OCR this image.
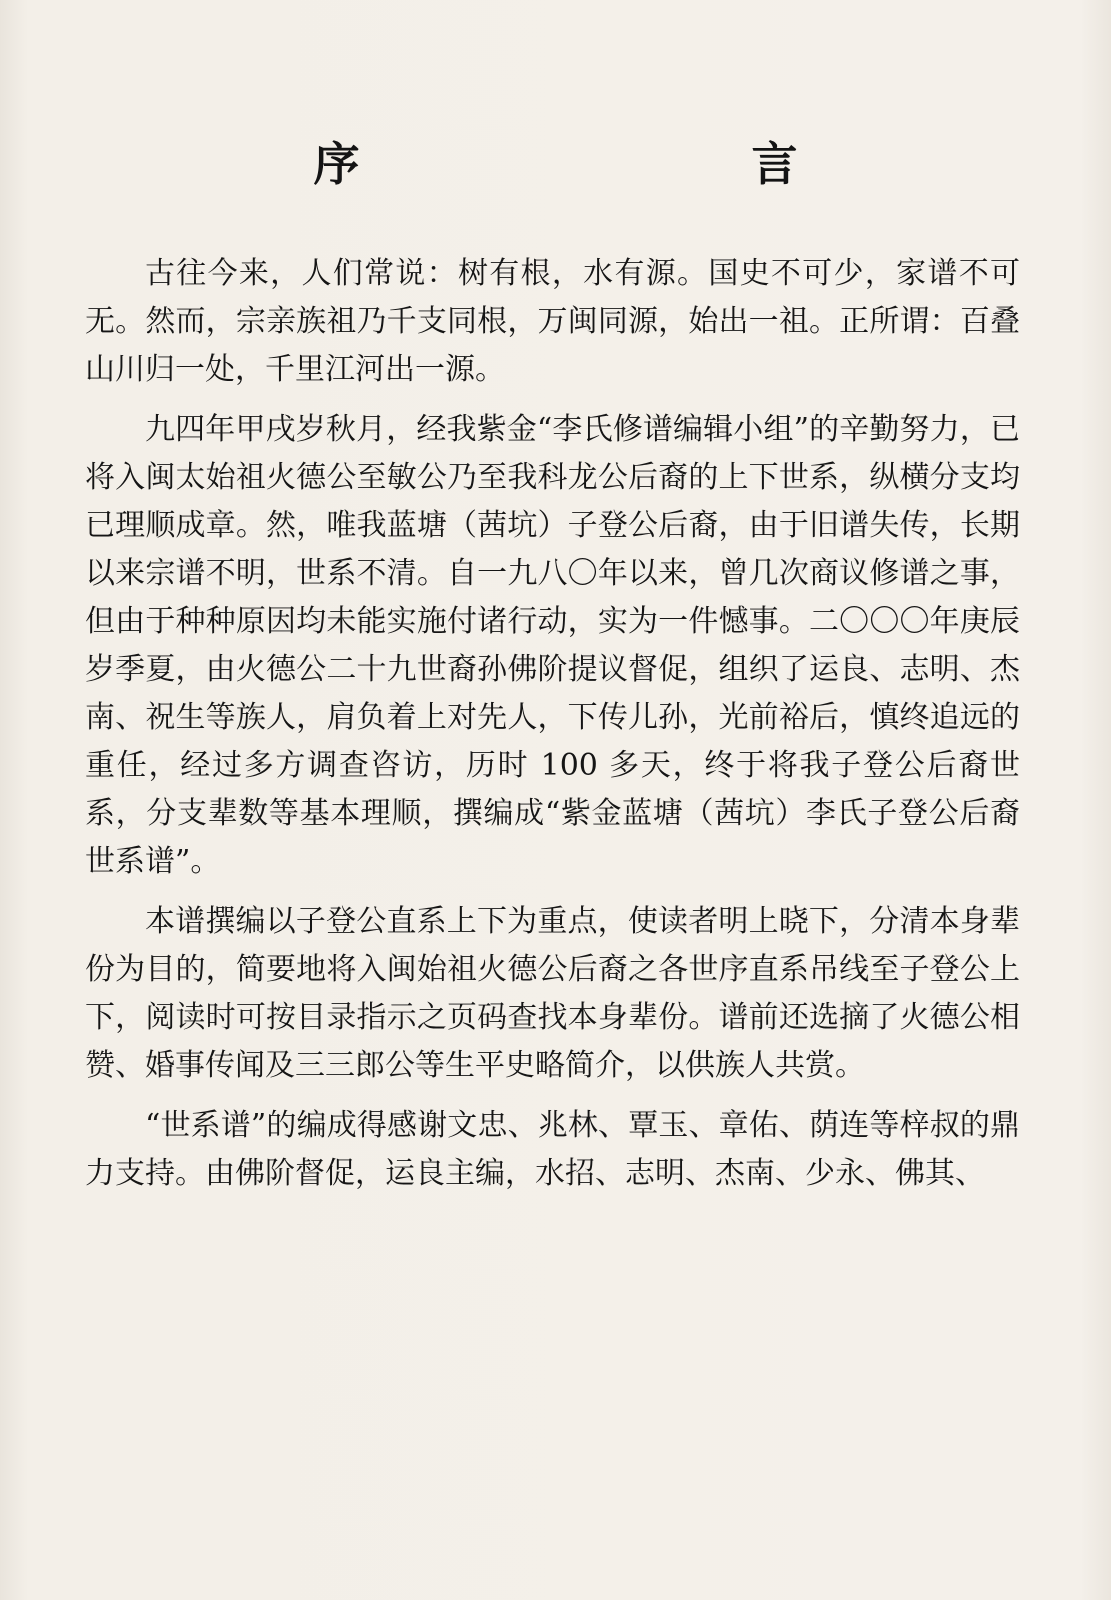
序　　言

古往今来，人们常说：树有根，水有源。国史不可少，家谱不可无。然而，宗亲族祖乃千支同根，万闽同源，始出一祖。正所谓：百叠山川归一处，千里江河出一源。

九四年甲戌岁秋月，经我紫金“李氏修谱编辑小组”的辛勤努力，已将入闽太始祖火德公至敏公乃至我科龙公后裔的上下世系，纵横分支均已理顺成章。然，唯我蓝塘（茜坑）子登公后裔，由于旧谱失传，长期以来宗谱不明，世系不清。自一九八〇年以来，曾几次商议修谱之事，但由于种种原因均未能实施付诸行动，实为一件憾事。二〇〇〇年庚辰岁季夏，由火德公二十九世裔孙佛阶提议督促，组织了运良、志明、杰南、祝生等族人，肩负着上对先人，下传儿孙，光前裕后，慎终追远的重任，经过多方调查咨访，历时 100 多天，终于将我子登公后裔世系，分支辈数等基本理顺，撰编成“紫金蓝塘（茜坑）李氏子登公后裔世系谱”。

本谱撰编以子登公直系上下为重点，使读者明上晓下，分清本身辈份为目的，简要地将入闽始祖火德公后裔之各世序直系吊线至子登公上下，阅读时可按目录指示之页码查找本身辈份。谱前还选摘了火德公相赞、婚事传闻及三三郎公等生平史略简介，以供族人共赏。

“世系谱”的编成得感谢文忠、兆林、覃玉、章佑、荫连等梓叔的鼎力支持。由佛阶督促，运良主编，水招、志明、杰南、少永、佛其、
